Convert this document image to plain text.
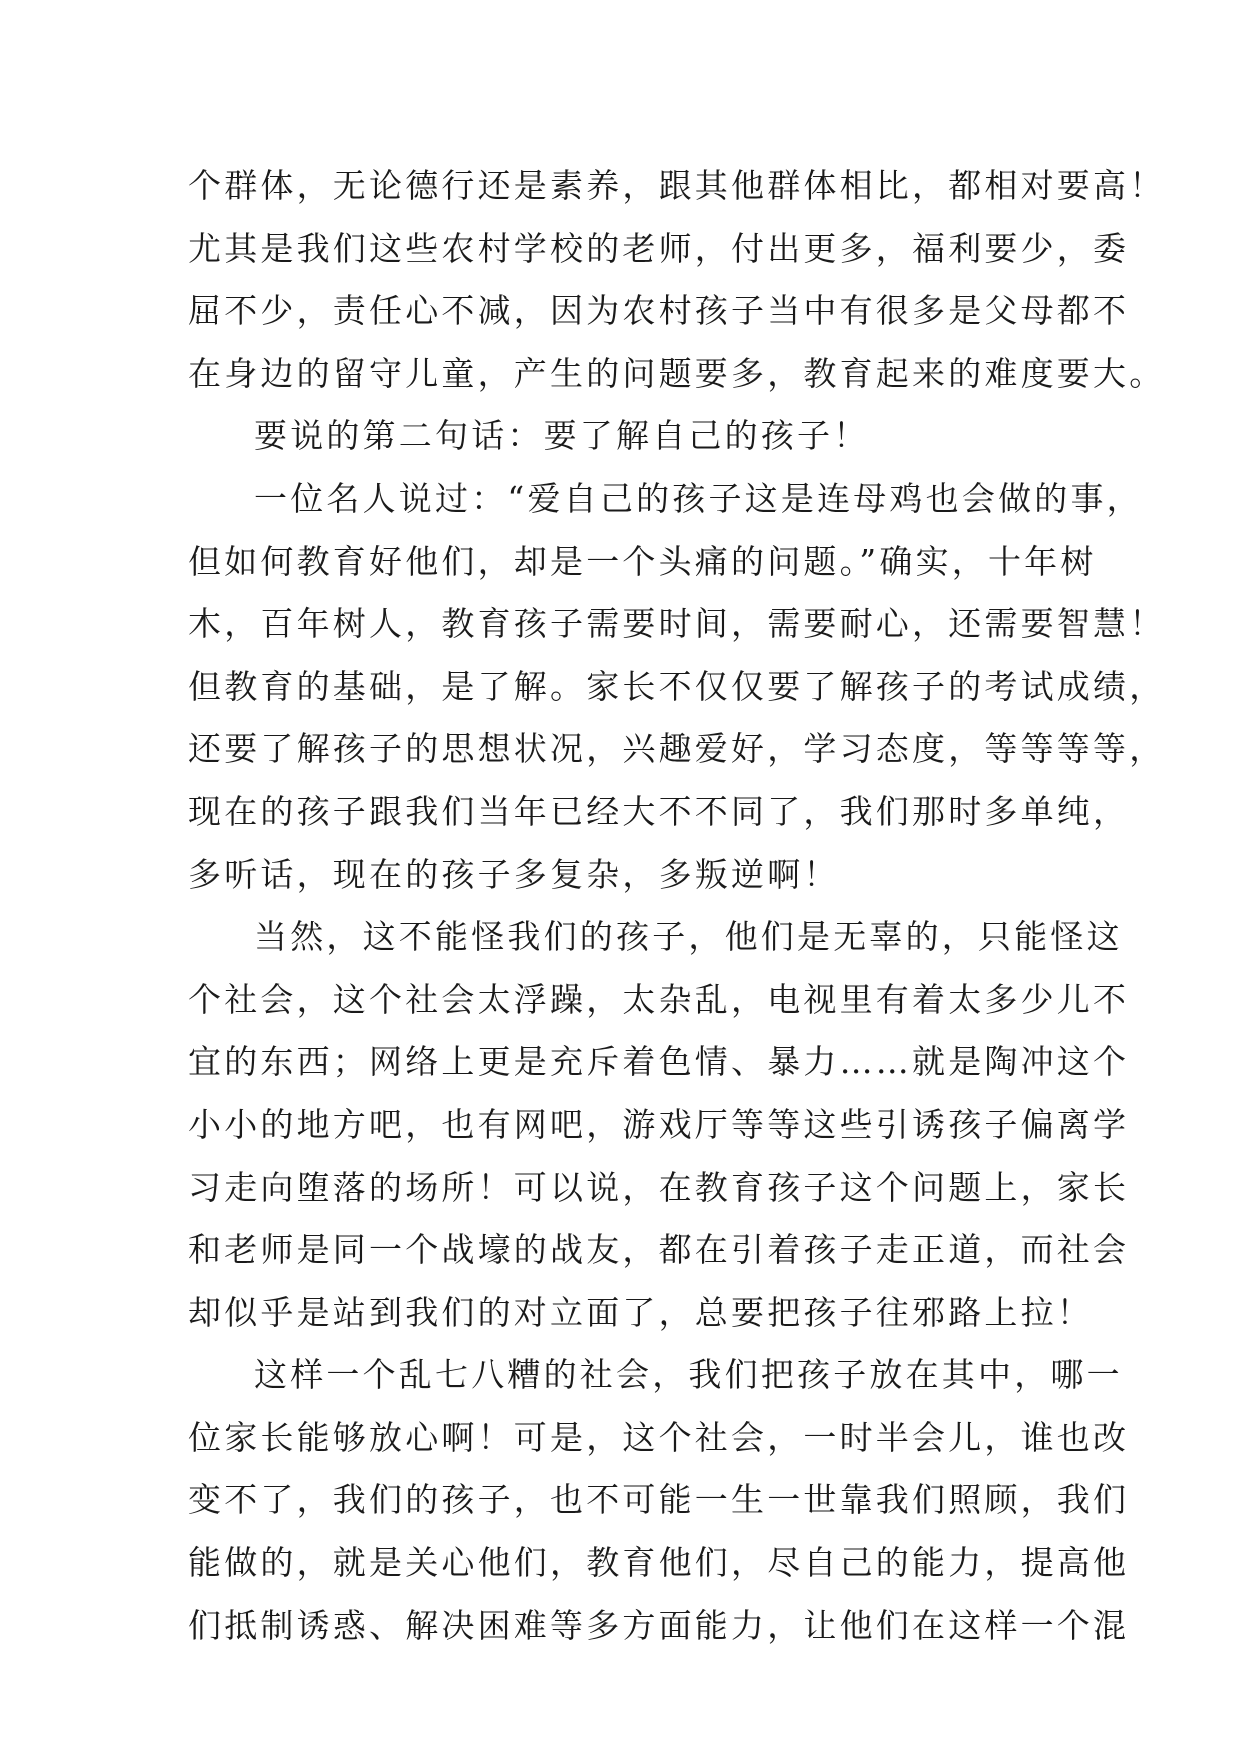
个群体，无论德行还是素养，跟其他群体相比，都相对要高！
尤其是我们这些农村学校的老师，付出更多，福利要少，委
屈不少，责任心不减，因为农村孩子当中有很多是父母都不
在身边的留守儿童，产生的问题要多，教育起来的难度要大。
要说的第二句话：要了解自己的孩子！
一位名人说过：“爱自己的孩子这是连母鸡也会做的事，
但如何教育好他们，却是一个头痛的问题。”确实，十年树
木，百年树人，教育孩子需要时间，需要耐心，还需要智慧！
但教育的基础，是了解。家长不仅仅要了解孩子的考试成绩，
还要了解孩子的思想状况，兴趣爱好，学习态度，等等等等，
现在的孩子跟我们当年已经大不不同了，我们那时多单纯，
多听话，现在的孩子多复杂，多叛逆啊！
当然，这不能怪我们的孩子，他们是无辜的，只能怪这
个社会，这个社会太浮躁，太杂乱，电视里有着太多少儿不
宜的东西；网络上更是充斥着色情、暴力……就是陶冲这个
小小的地方吧，也有网吧，游戏厅等等这些引诱孩子偏离学
习走向堕落的场所！可以说，在教育孩子这个问题上，家长
和老师是同一个战壕的战友，都在引着孩子走正道，而社会
却似乎是站到我们的对立面了，总要把孩子往邪路上拉！
这样一个乱七八糟的社会，我们把孩子放在其中，哪一
位家长能够放心啊！可是，这个社会，一时半会儿，谁也改
变不了，我们的孩子，也不可能一生一世靠我们照顾，我们
能做的，就是关心他们，教育他们，尽自己的能力，提高他
们抵制诱惑、解决困难等多方面能力，让他们在这样一个混
